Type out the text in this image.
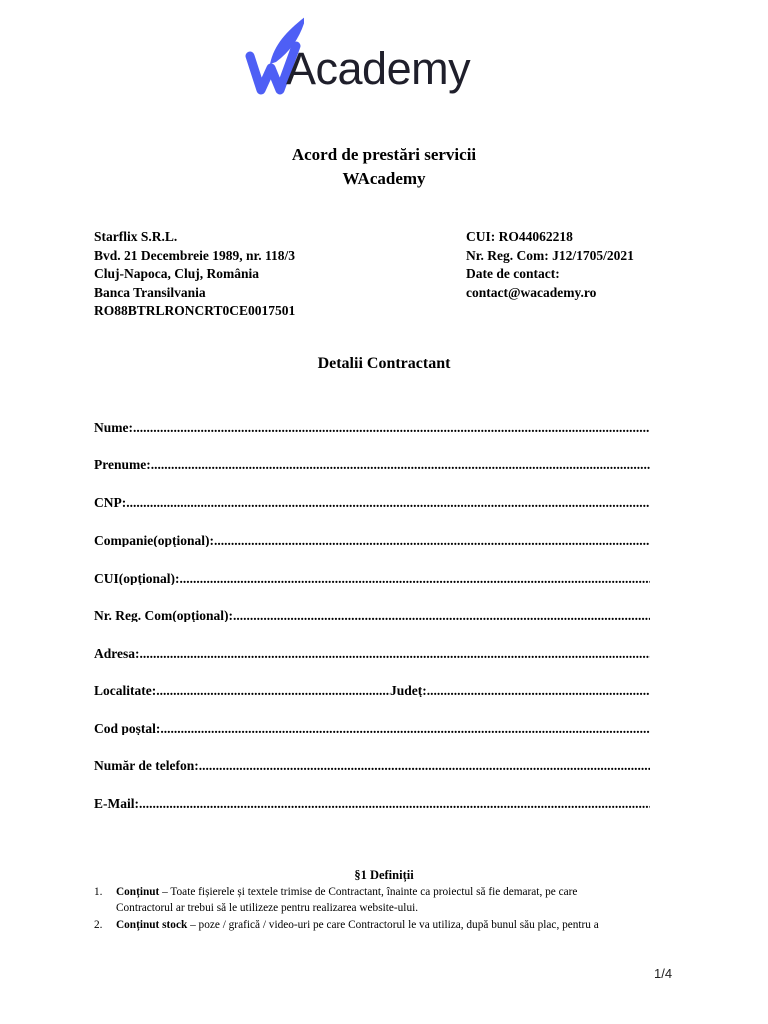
Academy
Acord de prestări servicii
WAcademy
Starflix S.R.L.
Bvd. 21 Decembreie 1989, nr. 118/3
Cluj-Napoca, Cluj, România
Banca Transilvania
RO88BTRLRONCRT0CE0017501
CUI: RO44062218
Nr. Reg. Com: J12/1705/2021
Date de contact:
contact@wacademy.ro
Detalii Contractant
Nume:
.....
Prenume:
.....
CNP:
.....
Companie(opțional):
.....
CUI(opțional):
.....
Nr. Reg. Com(opțional):
.....
Adresa:
.....
Localitate:
.....	Județ:
.....
Cod poștal:
.....
Număr de telefon:
.....
E-Mail:
.....
§1 Definiții
1. Conținut – Toate fișierele și textele trimise de Contractant, înainte ca proiectul să fie demarat, pe care
Contractorul ar trebui să le utilizeze pentru realizarea website-ului.
2. Conținut stock – poze / grafică / video-uri pe care Contractorul le va utiliza, după bunul său plac, pentru a
1/4
